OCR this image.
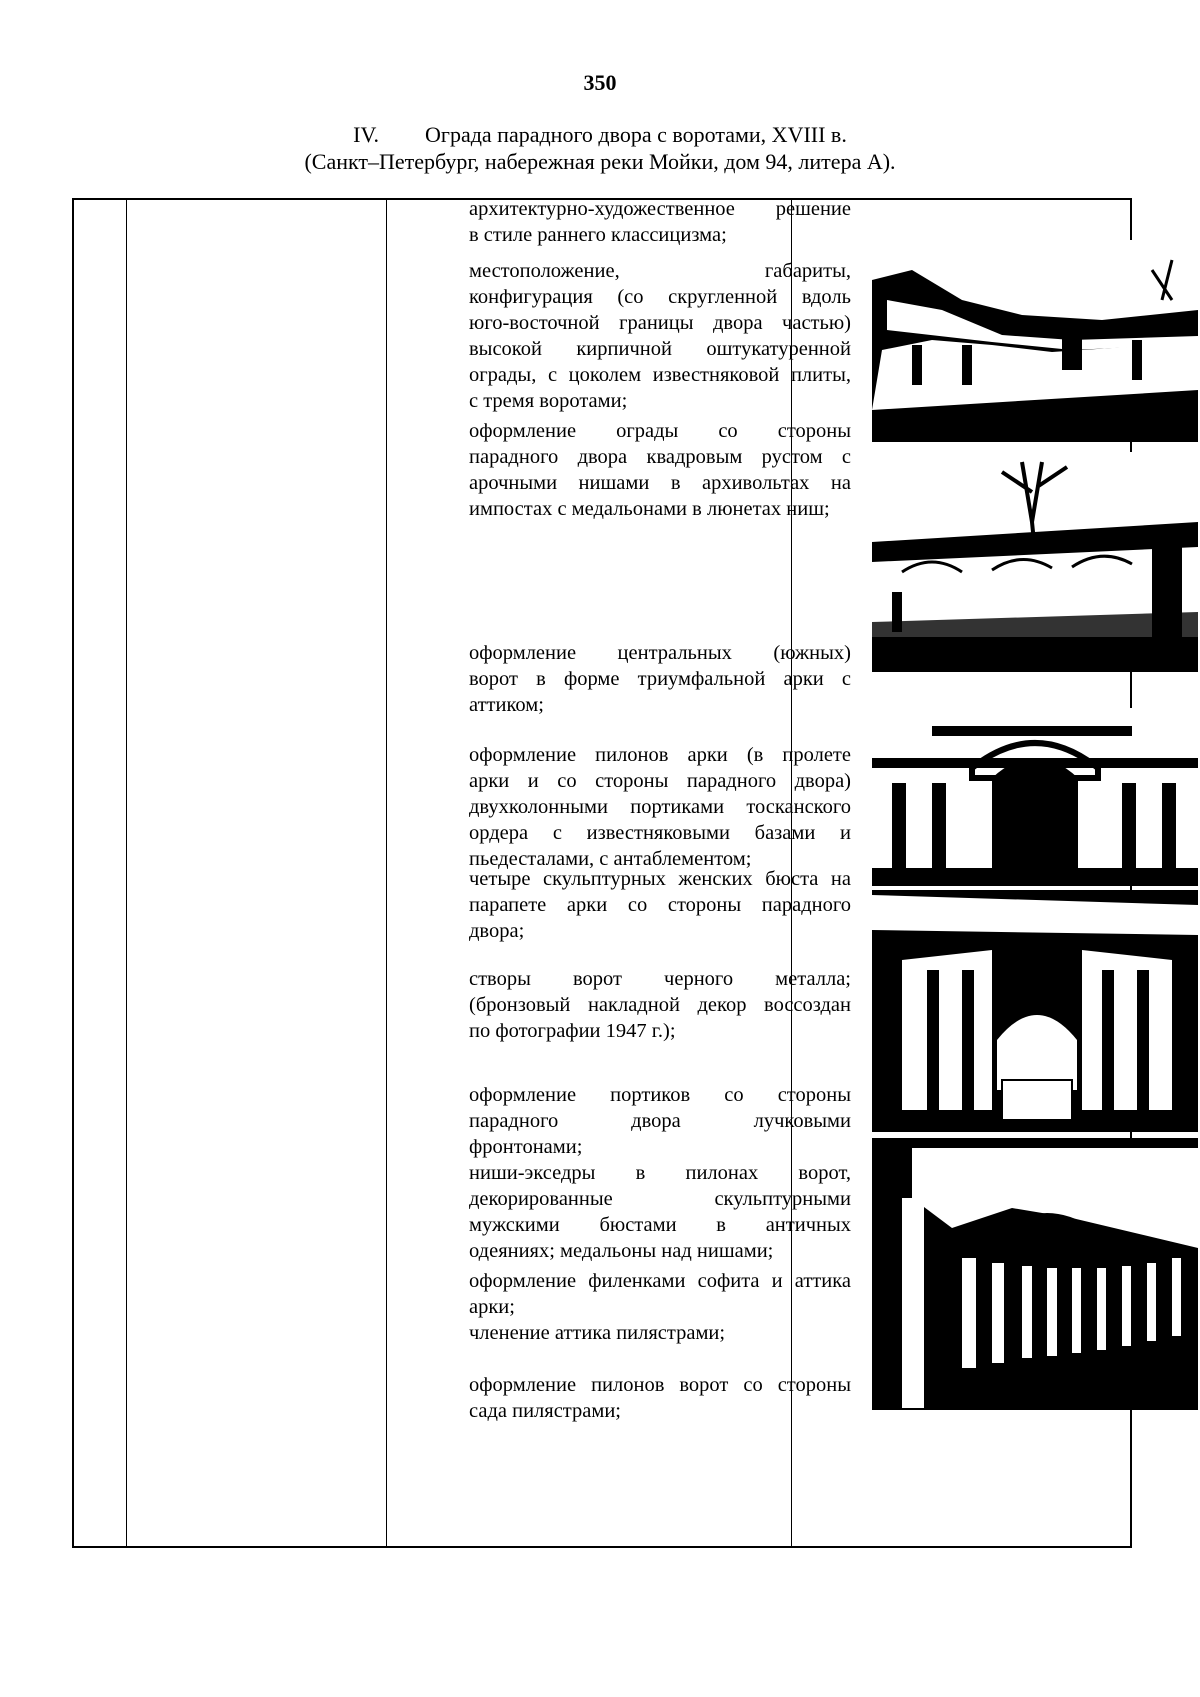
350
IV. Ограда парадного двора с воротами, XVIII в.
(Санкт–Петербург, набережная реки Мойки, дом 94, литера А).
архитектурно-художественное решение
в стиле раннего классицизма;
местоположение, габариты,
конфигурация (со скругленной вдоль
юго-восточной границы двора частью)
высокой кирпичной оштукатуренной
ограды, с цоколем известняковой плиты,
с тремя воротами;
оформление ограды со стороны
парадного двора квадровым рустом с
арочными нишами в архивольтах на
импостах с медальонами в люнетах ниш;
оформление центральных (южных)
ворот в форме триумфальной арки с
аттиком;
оформление пилонов арки (в пролете
арки и со стороны парадного двора)
двухколонными портиками тосканского
ордера с известняковыми базами и
пьедесталами, с антаблементом;
четыре скульптурных женских бюста на
парапете арки со стороны парадного
двора;
створы ворот черного металла;
(бронзовый накладной декор воссоздан
по фотографии 1947 г.);
оформление портиков со стороны
парадного двора лучковыми
фронтонами;
ниши-экседры в пилонах ворот,
декорированные скульптурными
мужскими бюстами в античных
одеяниях; медальоны над нишами;
оформление филенками софита и аттика
арки;
членение аттика пилястрами;
оформление пилонов ворот со стороны
сада пилястрами;
